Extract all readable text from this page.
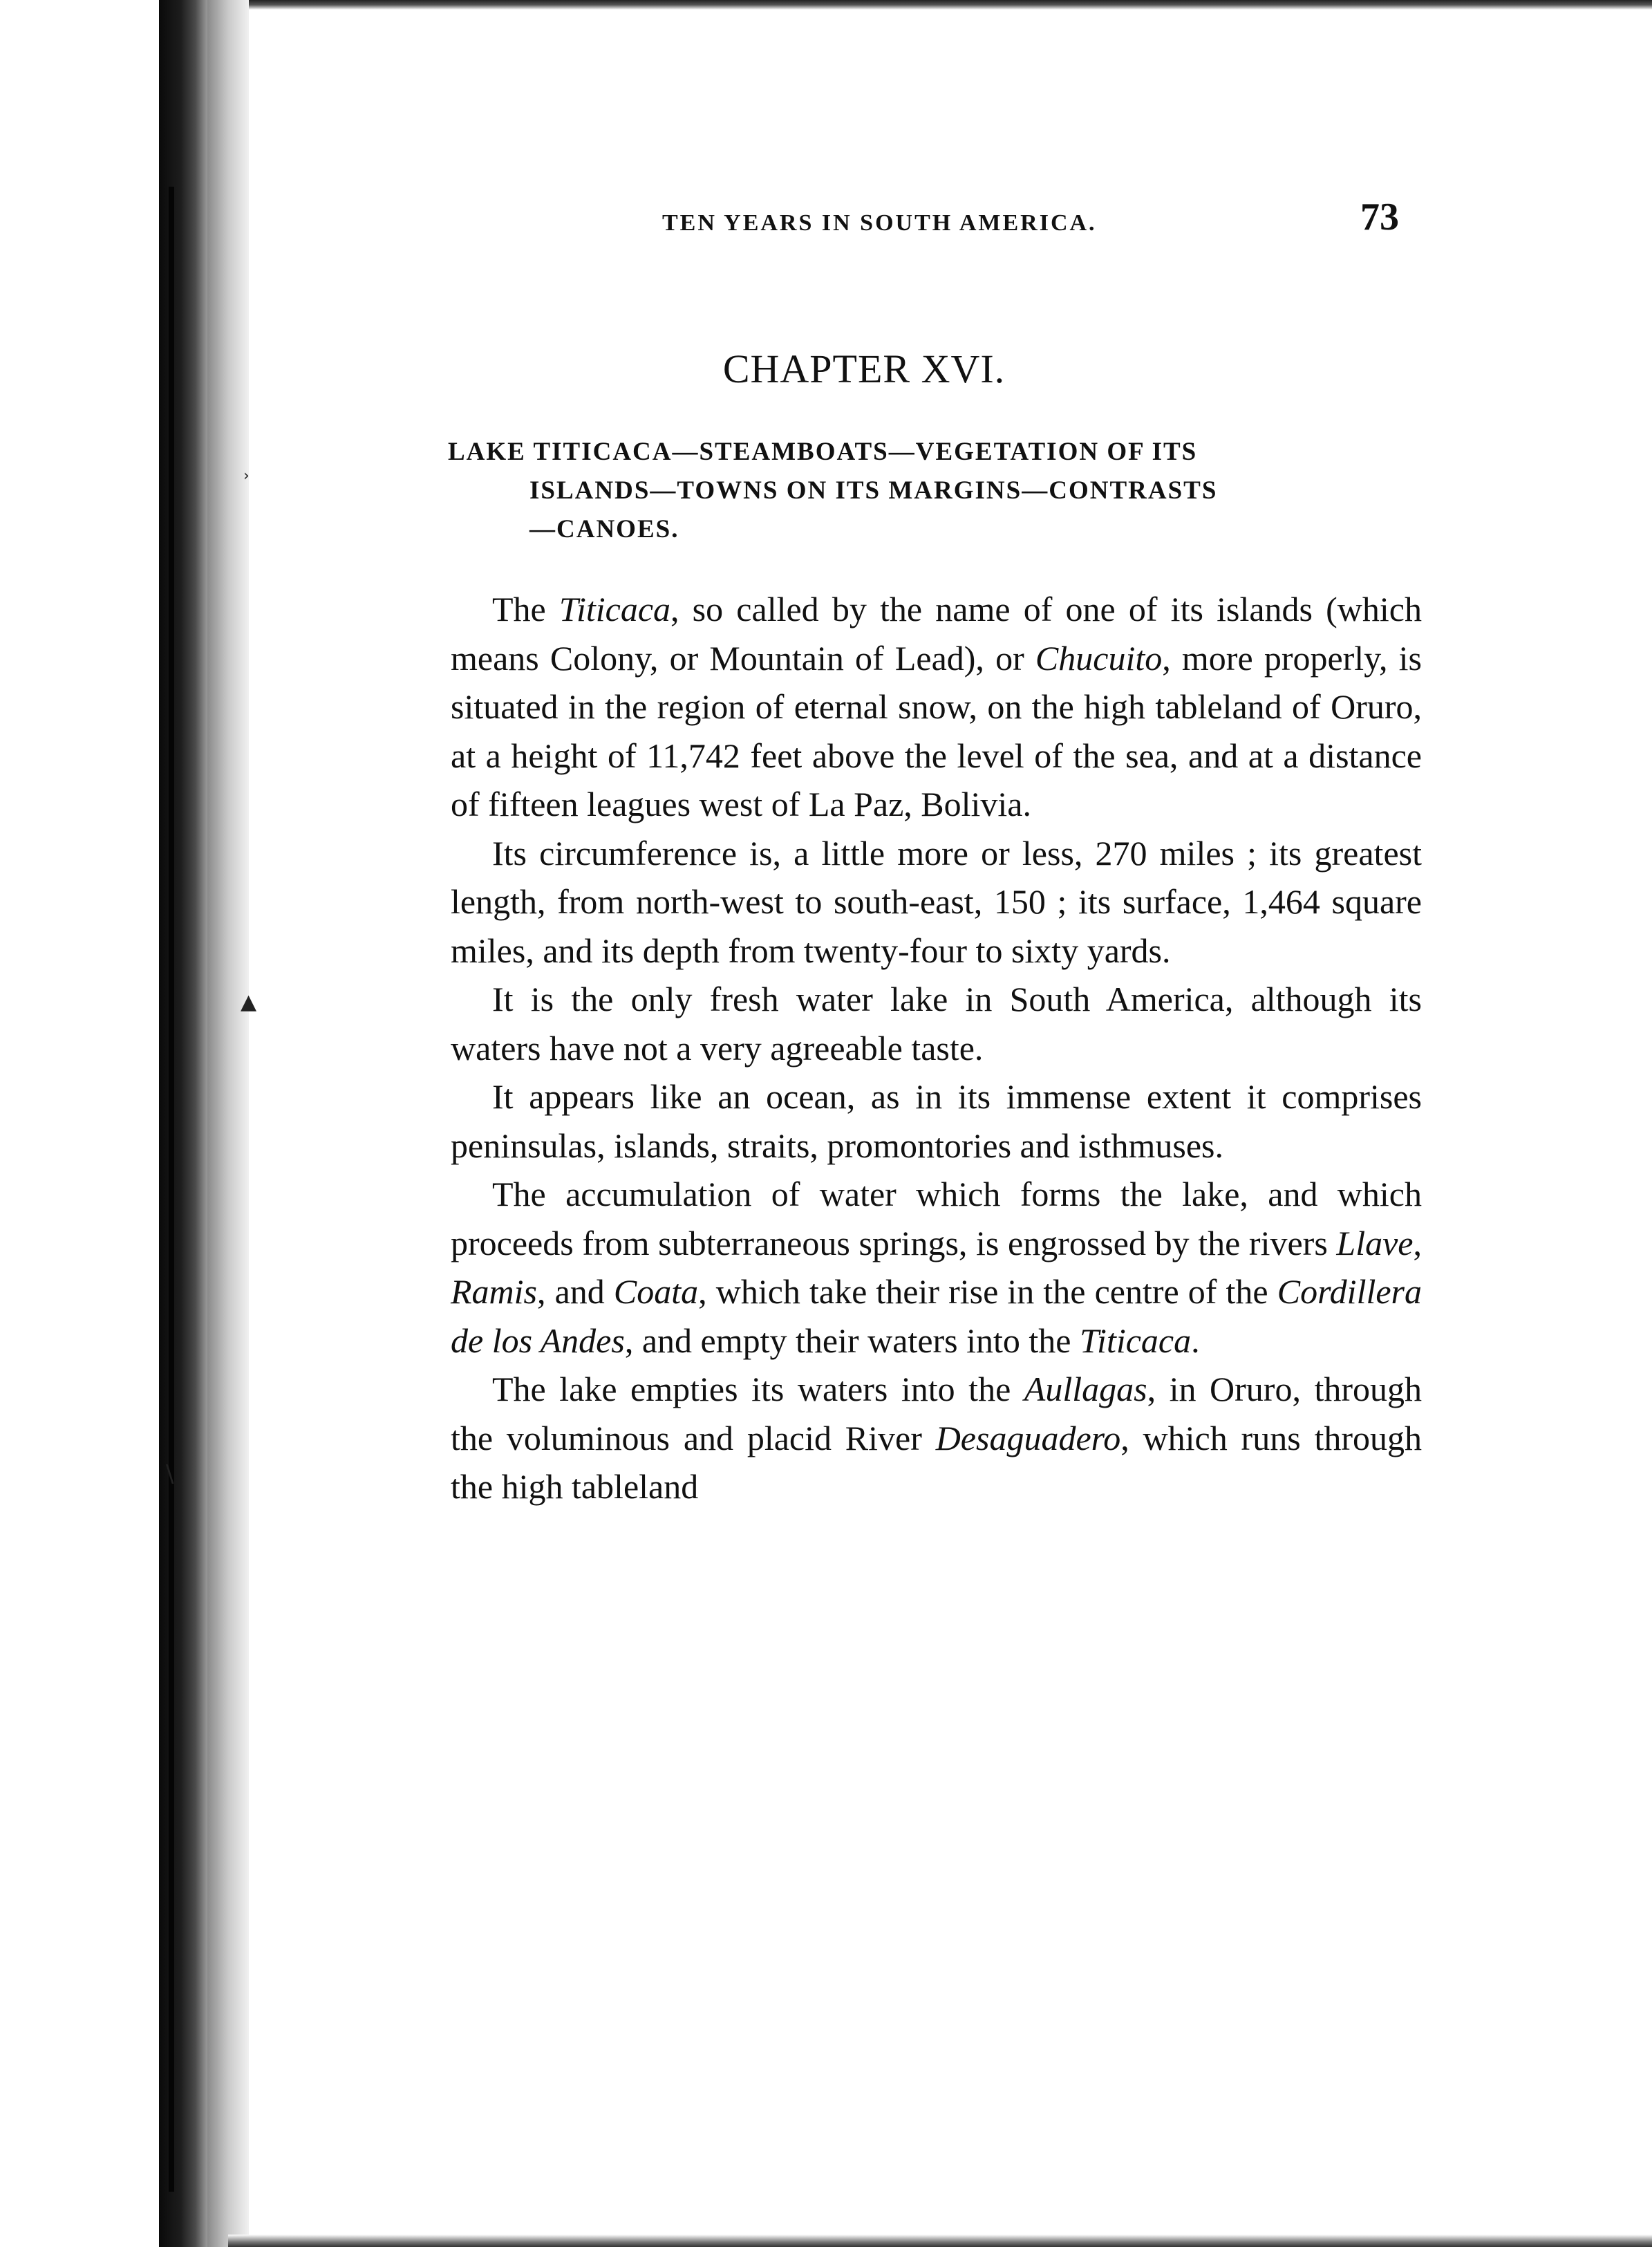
›
▲
\
TEN YEARS IN SOUTH AMERICA.	73
CHAPTER XVI.
LAKE TITICACA—STEAMBOATS—VEGETATION OF ITS
ISLANDS—TOWNS ON ITS MARGINS—CONTRASTS
—CANOES.

The Titicaca, so called by the name of one of its islands (which means Colony, or Mountain of Lead), or Chucuito, more properly, is situated in the region of eternal snow, on the high tableland of Oruro, at a height of 11,742 feet above the level of the sea, and at a distance of fifteen leagues west of La Paz, Bolivia.

Its circumference is, a little more or less, 270 miles ; its greatest length, from north-west to south-east, 150 ; its surface, 1,464 square miles, and its depth from twenty-four to sixty yards.

It is the only fresh water lake in South America, although its waters have not a very agreeable taste.

It appears like an ocean, as in its immense extent it comprises peninsulas, islands, straits, promontories and isthmuses.

The accumulation of water which forms the lake, and which proceeds from subterraneous springs, is engrossed by the rivers Llave, Ramis, and Coata, which take their rise in the centre of the Cordillera de los Andes, and empty their waters into the Titicaca.

The lake empties its waters into the Aullagas, in Oruro, through the voluminous and placid River Desaguadero, which runs through the high tableland
